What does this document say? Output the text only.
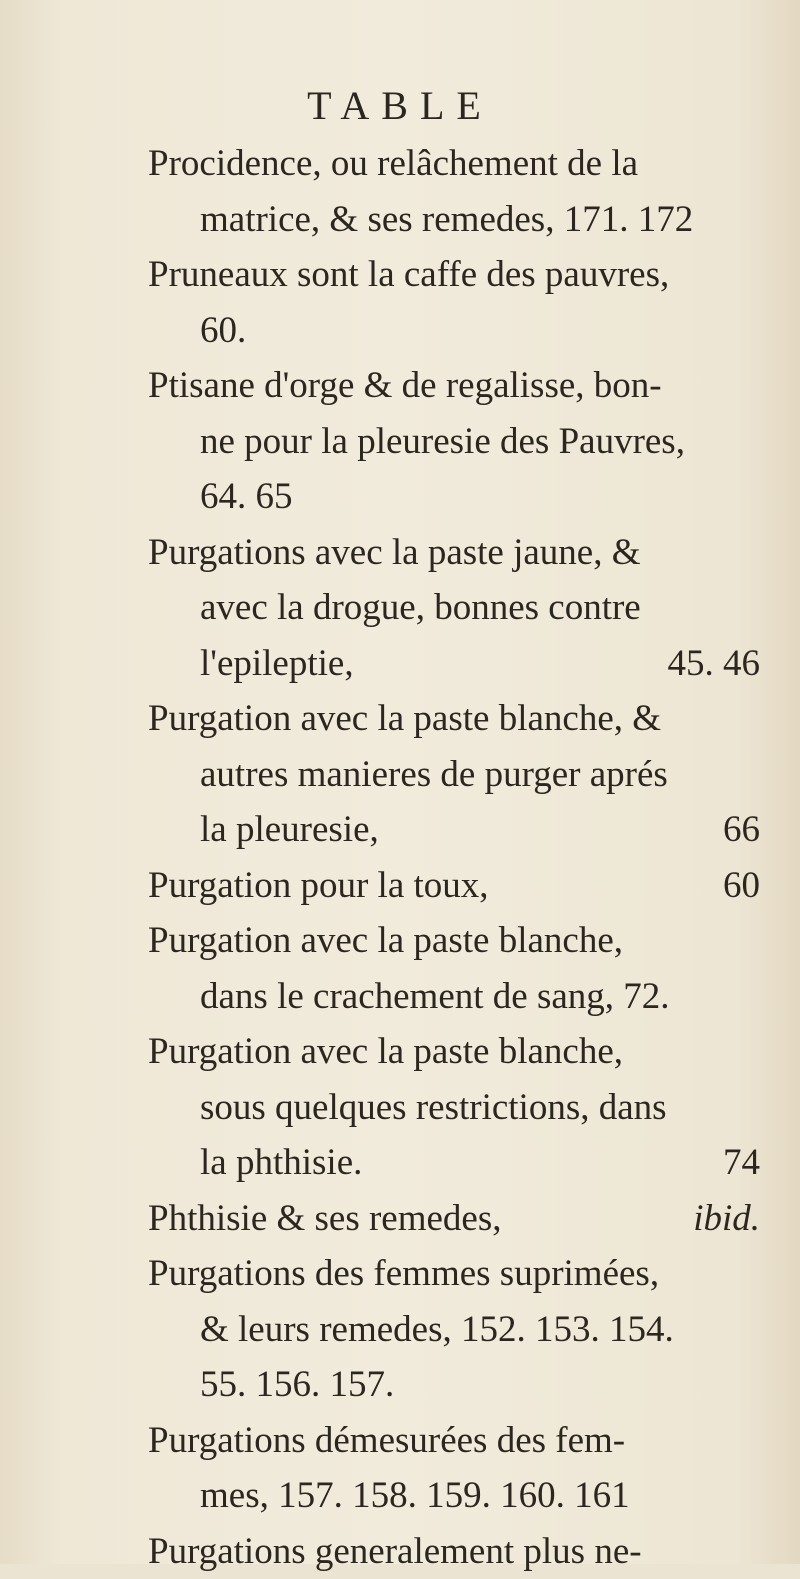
TABLE
Procidence, ou relâchement de la
matrice, & ses remedes, 171. 172
Pruneaux sont la caffe des pauvres,
60.
Ptisane d'orge & de regalisse, bon-
ne pour la pleuresie des Pauvres,
64. 65
Purgations avec la paste jaune, &
avec la drogue, bonnes contre
l'epileptie,	45. 46
Purgation avec la paste blanche, &
autres manieres de purger aprés
la pleuresie,	66
Purgation pour la toux,	60
Purgation avec la paste blanche,
dans le crachement de sang, 72.
Purgation avec la paste blanche,
sous quelques restrictions, dans
la phthisie.	74
Phthisie & ses remedes,	ibid.
Purgations des femmes suprimées,
& leurs remedes, 152. 153. 154.
55. 156. 157.
Purgations démesurées des fem-
mes, 157. 158. 159. 160. 161
Purgations generalement plus ne-
